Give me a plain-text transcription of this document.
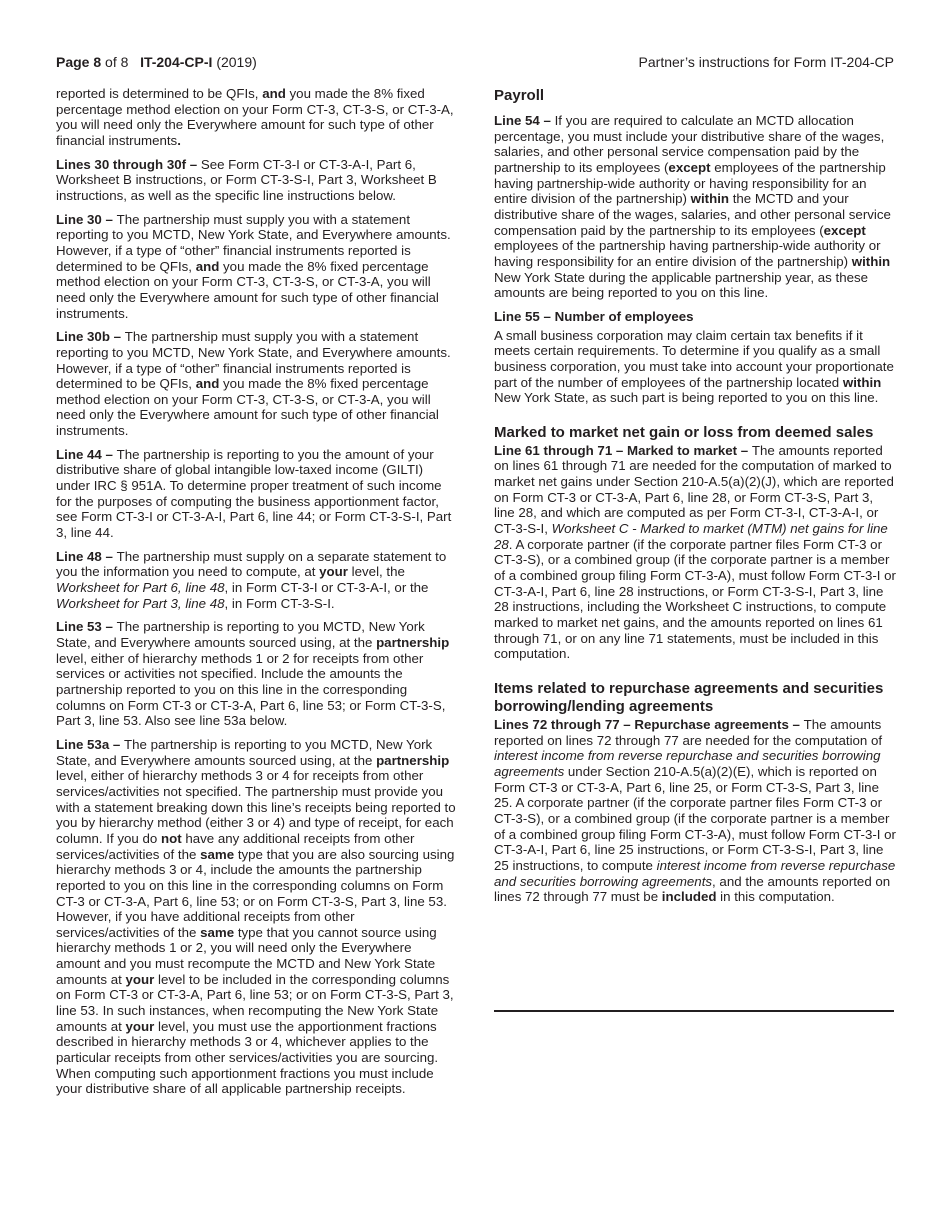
Page 8 of 8 IT-204-CP-I (2019)	Partner’s instructions for Form IT-204-CP

reported is determined to be QFIs, and you made the 8% fixed percentage method election on your Form CT-3, CT-3-S, or CT-3-A, you will need only the Everywhere amount for such type of other financial instruments.

Lines 30 through 30f – See Form CT-3-I or CT-3-A-I, Part 6, Worksheet B instructions, or Form CT-3-S-I, Part 3, Worksheet B instructions, as well as the specific line instructions below.

Line 30 – The partnership must supply you with a statement reporting to you MCTD, New York State, and Everywhere amounts. However, if a type of “other” financial instruments reported is determined to be QFIs, and you made the 8% fixed percentage method election on your Form CT-3, CT-3-S, or CT-3-A, you will need only the Everywhere amount for such type of other financial instruments.

Line 30b – The partnership must supply you with a statement reporting to you MCTD, New York State, and Everywhere amounts. However, if a type of “other” financial instruments reported is determined to be QFIs, and you made the 8% fixed percentage method election on your Form CT-3, CT-3-S, or CT-3-A, you will need only the Everywhere amount for such type of other financial instruments.

Line 44 – The partnership is reporting to you the amount of your distributive share of global intangible low-taxed income (GILTI) under IRC § 951A. To determine proper treatment of such income for the purposes of computing the business apportionment factor, see Form CT-3-I or CT-3-A-I, Part 6, line 44; or Form CT-3-S-I, Part 3, line 44.

Line 48 – The partnership must supply on a separate statement to you the information you need to compute, at your level, the Worksheet for Part 6, line 48, in Form CT-3-I or CT-3-A-I, or the Worksheet for Part 3, line 48, in Form CT-3-S-I.

Line 53 – The partnership is reporting to you MCTD, New York State, and Everywhere amounts sourced using, at the partnership level, either of hierarchy methods 1 or 2 for receipts from other services or activities not specified. Include the amounts the partnership reported to you on this line in the corresponding columns on Form CT-3 or CT-3-A, Part 6, line 53; or Form CT-3-S, Part 3, line 53. Also see line 53a below.

Line 53a – The partnership is reporting to you MCTD, New York State, and Everywhere amounts sourced using, at the partnership level, either of hierarchy methods 3 or 4 for receipts from other services/activities not specified. The partnership must provide you with a statement breaking down this line’s receipts being reported to you by hierarchy method (either 3 or 4) and type of receipt, for each column. If you do not have any additional receipts from other services/activities of the same type that you are also sourcing using hierarchy methods 3 or 4, include the amounts the partnership reported to you on this line in the corresponding columns on Form CT-3 or CT-3-A, Part 6, line 53; or on Form CT-3-S, Part 3, line 53. However, if you have additional receipts from other services/activities of the same type that you cannot source using hierarchy methods 1 or 2, you will need only the Everywhere amount and you must recompute the MCTD and New York State amounts at your level to be included in the corresponding columns on Form CT-3 or CT-3-A, Part 6, line 53; or on Form CT-3-S, Part 3, line 53. In such instances, when recomputing the New York State amounts at your level, you must use the apportionment fractions described in hierarchy methods 3 or 4, whichever applies to the particular receipts from other services/activities you are sourcing. When computing such apportionment fractions you must include your distributive share of all applicable partnership receipts.

Payroll

Line 54 – If you are required to calculate an MCTD allocation percentage, you must include your distributive share of the wages, salaries, and other personal service compensation paid by the partnership to its employees (except employees of the partnership having partnership-wide authority or having responsibility for an entire division of the partnership) within the MCTD and your distributive share of the wages, salaries, and other personal service compensation paid by the partnership to its employees (except employees of the partnership having partnership-wide authority or having responsibility for an entire division of the partnership) within New York State during the applicable partnership year, as these amounts are being reported to you on this line.

Line 55 – Number of employees

A small business corporation may claim certain tax benefits if it meets certain requirements. To determine if you qualify as a small business corporation, you must take into account your proportionate part of the number of employees of the partnership located within New York State, as such part is being reported to you on this line.

Marked to market net gain or loss from deemed sales

Line 61 through 71 – Marked to market – The amounts reported on lines 61 through 71 are needed for the computation of marked to market net gains under Section 210-A.5(a)(2)(J), which are reported on Form CT-3 or CT-3-A, Part 6, line 28, or Form CT-3-S, Part 3, line 28, and which are computed as per Form CT-3-I, CT-3-A-I, or CT-3-S-I, Worksheet C - Marked to market (MTM) net gains for line 28. A corporate partner (if the corporate partner files Form CT-3 or CT-3-S), or a combined group (if the corporate partner is a member of a combined group filing Form CT-3-A), must follow Form CT-3-I or CT-3-A-I, Part 6, line 28 instructions, or Form CT-3-S-I, Part 3, line 28 instructions, including the Worksheet C instructions, to compute marked to market net gains, and the amounts reported on lines 61 through 71, or on any line 71 statements, must be included in this computation.

Items related to repurchase agreements and securities borrowing/lending agreements

Lines 72 through 77 – Repurchase agreements – The amounts reported on lines 72 through 77 are needed for the computation of interest income from reverse repurchase and securities borrowing agreements under Section 210-A.5(a)(2)(E), which is reported on Form CT-3 or CT-3-A, Part 6, line 25, or Form CT-3-S, Part 3, line 25. A corporate partner (if the corporate partner files Form CT-3 or CT-3-S), or a combined group (if the corporate partner is a member of a combined group filing Form CT-3-A), must follow Form CT-3-I or CT-3-A-I, Part 6, line 25 instructions, or Form CT-3-S-I, Part 3, line 25 instructions, to compute interest income from reverse repurchase and securities borrowing agreements, and the amounts reported on lines 72 through 77 must be included in this computation.
